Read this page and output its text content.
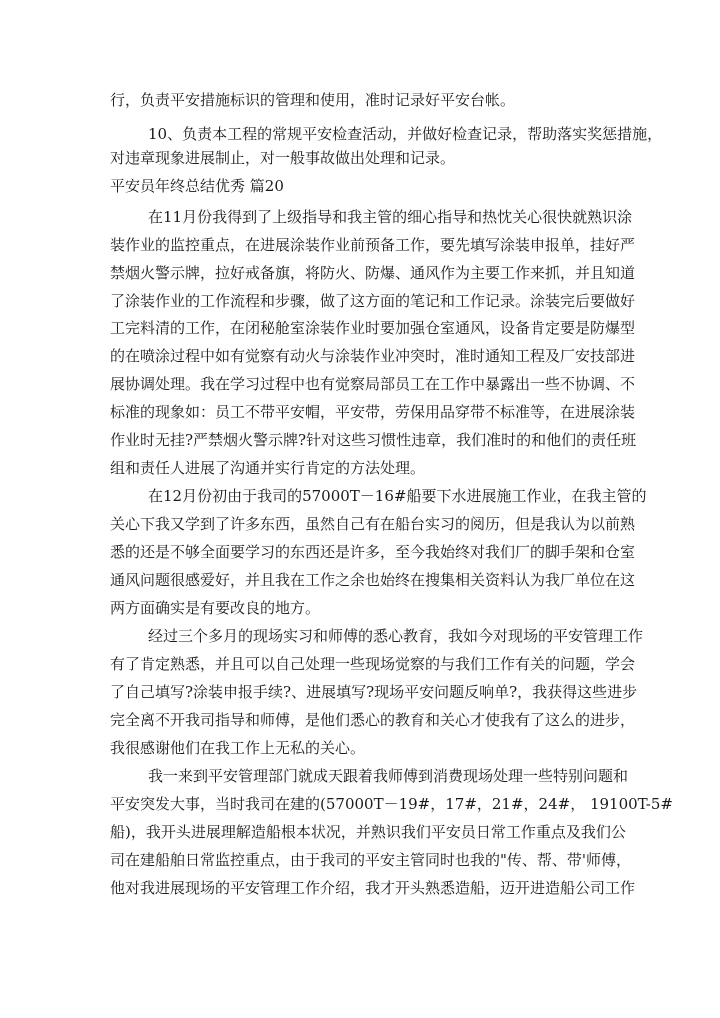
行，负责平安措施标识的管理和使用，准时记录好平安台帐。
10、负责本工程的常规平安检查活动，并做好检查记录，帮助落实奖惩措施，
对违章现象进展制止，对一般事故做出处理和记录。
平安员年终总结优秀 篇20
在11月份我得到了上级指导和我主管的细心指导和热忱关心很快就熟识涂
装作业的监控重点，在进展涂装作业前预备工作，要先填写涂装申报单，挂好严
禁烟火警示牌，拉好戒备旗，将防火、防爆、通风作为主要工作来抓，并且知道
了涂装作业的工作流程和步骤，做了这方面的笔记和工作记录。涂装完后要做好
工完料清的工作，在闭秘舱室涂装作业时要加强仓室通风，设备肯定要是防爆型
的在喷涂过程中如有觉察有动火与涂装作业冲突时，准时通知工程及厂安技部进
展协调处理。我在学习过程中也有觉察局部员工在工作中暴露出一些不协调、不
标准的现象如：员工不带平安帽，平安带，劳保用品穿带不标准等，在进展涂装
作业时无挂?严禁烟火警示牌?针对这些习惯性违章，我们准时的和他们的责任班
组和责任人进展了沟通并实行肯定的方法处理。
在12月份初由于我司的57000T－16#船要下水进展施工作业，在我主管的
关心下我又学到了许多东西，虽然自己有在船台实习的阅历，但是我认为以前熟
悉的还是不够全面要学习的东西还是许多，至今我始终对我们厂的脚手架和仓室
通风问题很感爱好，并且我在工作之余也始终在搜集相关资料认为我厂单位在这
两方面确实是有要改良的地方。
经过三个多月的现场实习和师傅的悉心教育，我如今对现场的平安管理工作
有了肯定熟悉，并且可以自己处理一些现场觉察的与我们工作有关的问题，学会
了自己填写?涂装申报手续?、进展填写?现场平安问题反响单?，我获得这些进步
完全离不开我司指导和师傅，是他们悉心的教育和关心才使我有了这么的进步，
我很感谢他们在我工作上无私的关心。
我一来到平安管理部门就成天跟着我师傅到消费现场处理一些特别问题和
平安突发大事，当时我司在建的(57000T－19#，17#，21#，24#， 19100T-5#
船)，我开头进展理解造船根本状况，并熟识我们平安员日常工作重点及我们公
司在建船舶日常监控重点，由于我司的平安主管同时也我的"传、帮、带'师傅，
他对我进展现场的平安管理工作介绍，我才开头熟悉造船，迈开进造船公司工作
